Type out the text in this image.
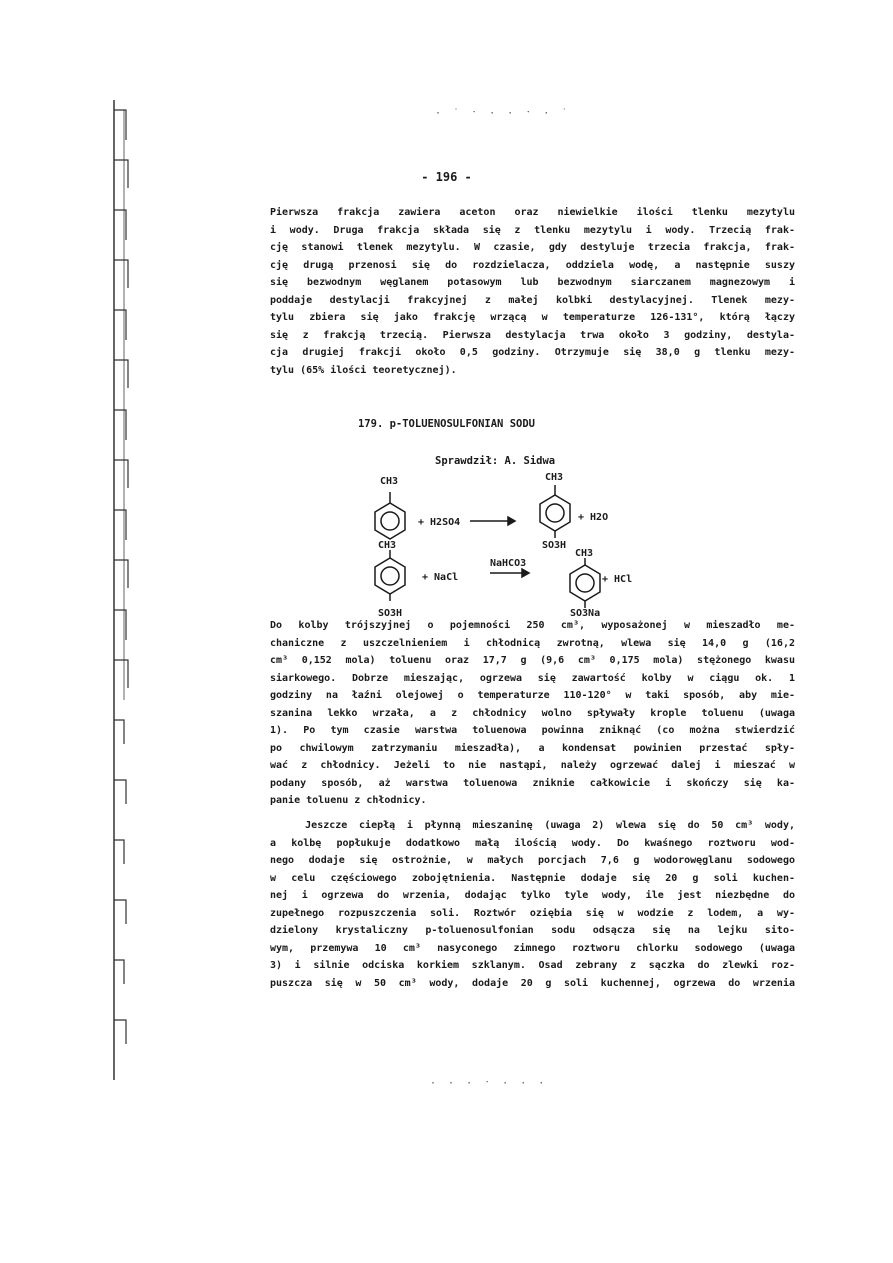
· ˙ ˑ · · ˑ · ˙
· · · ˑ · · ·
- 196 -
Pierwsza frakcja zawiera aceton oraz niewielkie ilości tlenku mezytylu
i wody. Druga frakcja składa się z tlenku mezytylu i wody. Trzecią frak-
cję stanowi tlenek mezytylu. W czasie, gdy destyluje trzecia frakcja, frak-
cję drugą przenosi się do rozdzielacza, oddziela wodę, a następnie suszy
się bezwodnym węglanem potasowym lub bezwodnym siarczanem magnezowym i
poddaje destylacji frakcyjnej z małej kolbki destylacyjnej. Tlenek mezy-
tylu zbiera się jako frakcję wrzącą w temperaturze 126-131°, którą łączy
się z frakcją trzecią. Pierwsza destylacja trwa około 3 godziny, destyla-
cja drugiej frakcji około 0,5 godziny. Otrzymuje się 38,0 g tlenku mezy-
tylu (65% ilości teoretycznej).
179. p-TOLUENOSULFONIAN SODU
Sprawdził: A. Sidwa
CH3
+ H2SO4
CH3
+ H2O
SO3H
CH3
+ NaCl
NaHCO3
CH3
+ HCl
SO3H	SO3Na
Do kolby trójszyjnej o pojemności 250 cm³, wyposażonej w mieszadło me-
chaniczne z uszczelnieniem i chłodnicą zwrotną, wlewa się 14,0 g (16,2
cm³ 0,152 mola) toluenu oraz 17,7 g (9,6 cm³ 0,175 mola) stężonego kwasu
siarkowego. Dobrze mieszając, ogrzewa się zawartość kolby w ciągu ok. 1
godziny na łaźni olejowej o temperaturze 110-120° w taki sposób, aby mie-
szanina lekko wrzała, a z chłodnicy wolno spływały krople toluenu (uwaga
1). Po tym czasie warstwa toluenowa powinna zniknąć (co można stwierdzić
po chwilowym zatrzymaniu mieszadła), a kondensat powinien przestać spły-
wać z chłodnicy. Jeżeli to nie nastąpi, należy ogrzewać dalej i mieszać w
podany sposób, aż warstwa toluenowa zniknie całkowicie i skończy się ka-
panie toluenu z chłodnicy.
Jeszcze ciepłą i płynną mieszaninę (uwaga 2) wlewa się do 50 cm³ wody,
a kolbę popłukuje dodatkowo małą ilością wody. Do kwaśnego roztworu wod-
nego dodaje się ostrożnie, w małych porcjach 7,6 g wodorowęglanu sodowego
w celu częściowego zobojętnienia. Następnie dodaje się 20 g soli kuchen-
nej i ogrzewa do wrzenia, dodając tylko tyle wody, ile jest niezbędne do
zupełnego rozpuszczenia soli. Roztwór oziębia się w wodzie z lodem, a wy-
dzielony krystaliczny p-toluenosulfonian sodu odsącza się na lejku sito-
wym, przemywa 10 cm³ nasyconego zimnego roztworu chlorku sodowego (uwaga
3) i silnie odciska korkiem szklanym. Osad zebrany z sączka do zlewki roz-
puszcza się w 50 cm³ wody, dodaje 20 g soli kuchennej, ogrzewa do wrzenia
